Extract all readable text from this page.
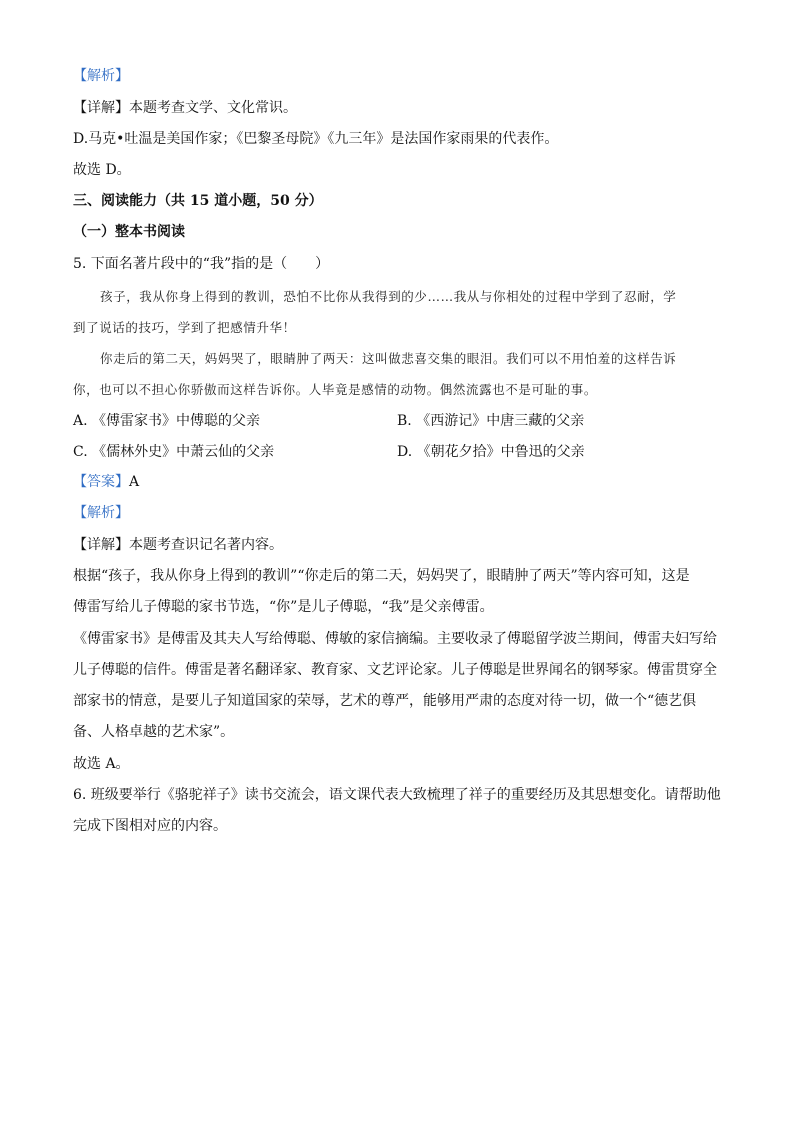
【解析】
【详解】本题考查文学、文化常识。
D.马克•吐温是美国作家；《巴黎圣母院》《九三年》是法国作家雨果的代表作。
故选 D。
三、阅读能力（共 15 道小题，50 分）
（一）整本书阅读
5. 下面名著片段中的“我”指的是（　　）
孩子，我从你身上得到的教训，恐怕不比你从我得到的少……我从与你相处的过程中学到了忍耐，学
到了说话的技巧，学到了把感情升华！
你走后的第二天，妈妈哭了，眼睛肿了两天：这叫做悲喜交集的眼泪。我们可以不用怕羞的这样告诉
你，也可以不担心你骄傲而这样告诉你。人毕竟是感情的动物。偶然流露也不是可耻的事。
A. 《傅雷家书》中傅聪的父亲	B. 《西游记》中唐三藏的父亲
C. 《儒林外史》中萧云仙的父亲	D. 《朝花夕拾》中鲁迅的父亲
【答案】A
【解析】
【详解】本题考查识记名著内容。
根据“孩子，我从你身上得到的教训”“你走后的第二天，妈妈哭了，眼睛肿了两天”等内容可知，这是
傅雷写给儿子傅聪的家书节选，“你”是儿子傅聪，“我”是父亲傅雷。
《傅雷家书》是傅雷及其夫人写给傅聪、傅敏的家信摘编。主要收录了傅聪留学波兰期间，傅雷夫妇写给
儿子傅聪的信件。傅雷是著名翻译家、教育家、文艺评论家。儿子傅聪是世界闻名的钢琴家。傅雷贯穿全
部家书的情意，是要儿子知道国家的荣辱，艺术的尊严，能够用严肃的态度对待一切，做一个“德艺俱
备、人格卓越的艺术家”。
故选 A。
6. 班级要举行《骆驼祥子》读书交流会，语文课代表大致梳理了祥子的重要经历及其思想变化。请帮助他
完成下图相对应的内容。
